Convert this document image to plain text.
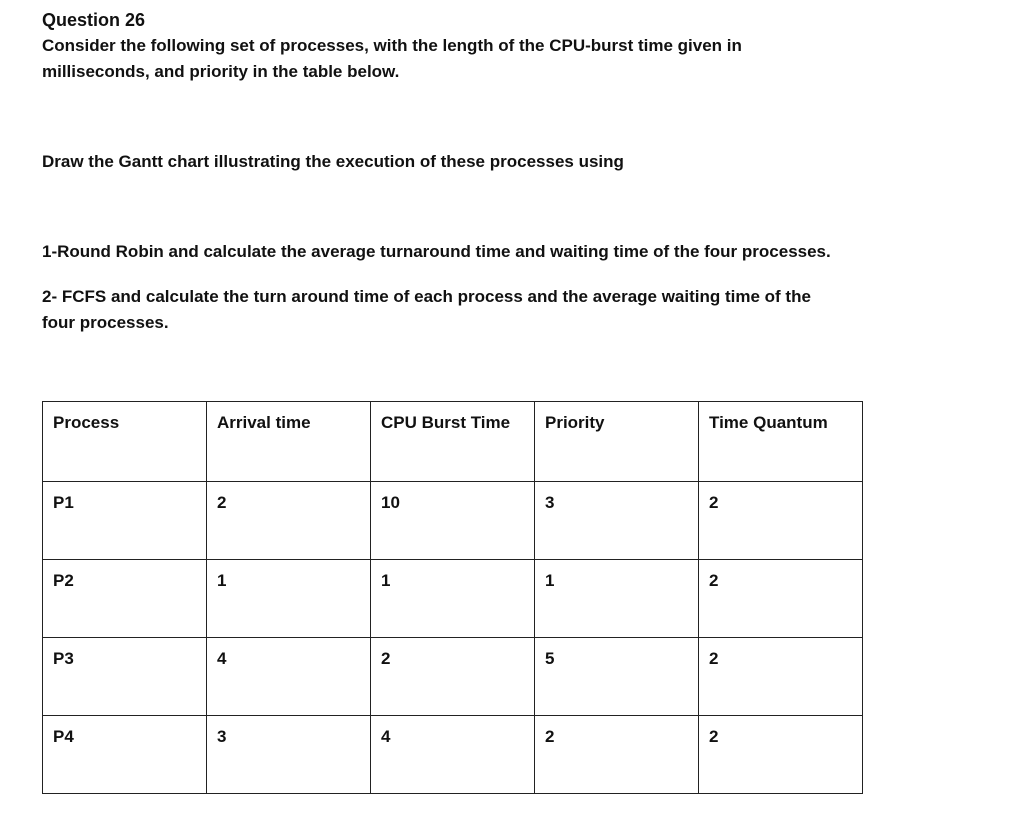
Question 26
Consider the following set of processes, with the length of the CPU-burst time given in
milliseconds, and priority in the table below.
Draw the Gantt chart illustrating the execution of these processes using
1-Round Robin and calculate the average turnaround time and waiting time of the four processes.
2- FCFS and calculate the turn around time of each process and the average waiting time of the
four processes.
Process	Arrival time	CPU Burst Time	Priority	Time Quantum
P1	2	10	3	2
P2	1	1	1	2
P3	4	2	5	2
P4	3	4	2	2
